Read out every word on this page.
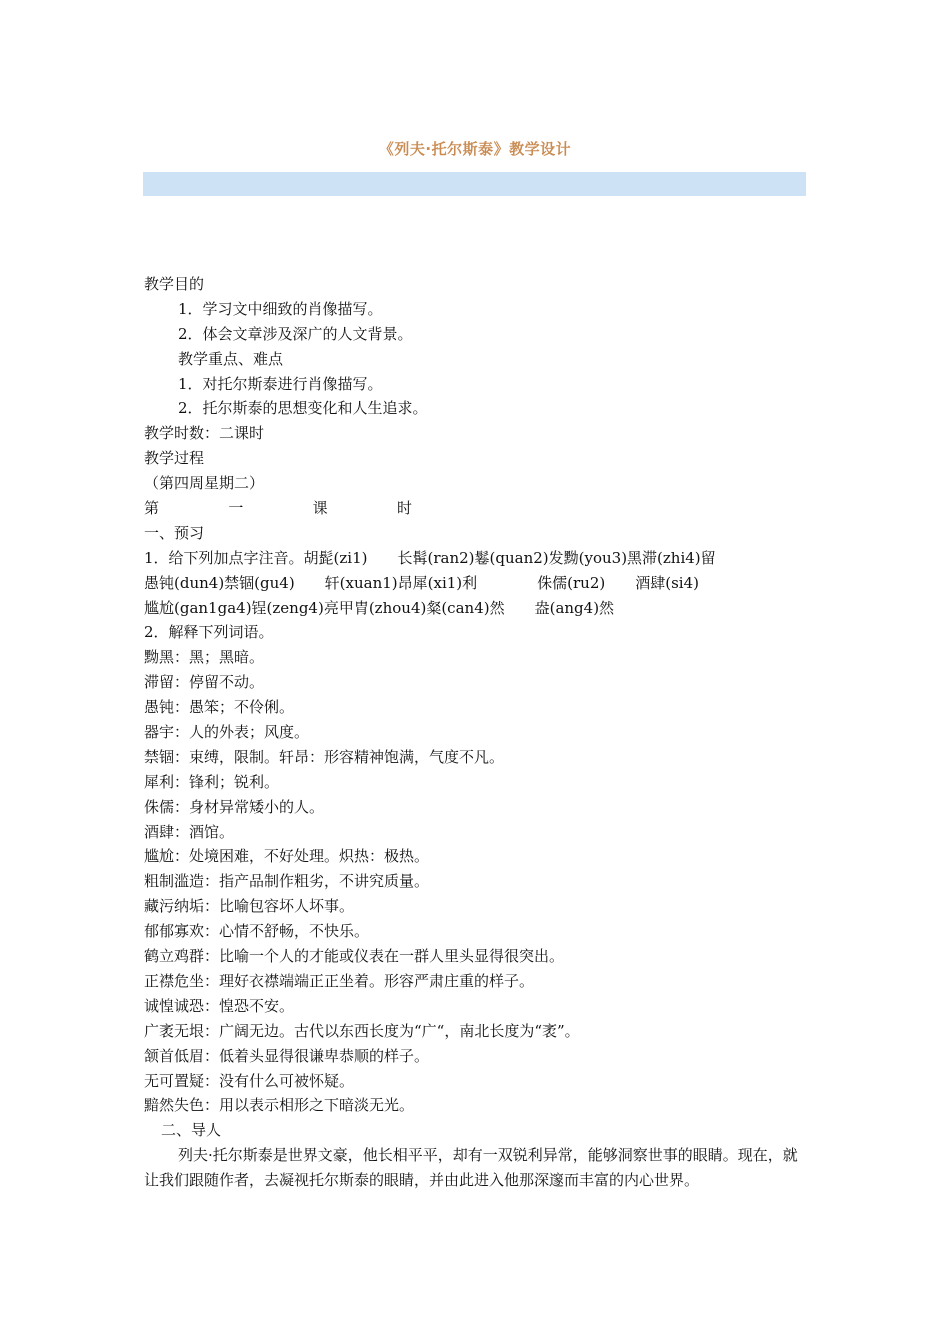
《列夫·托尔斯泰》教学设计
教学目的
1．学习文中细致的肖像描写。
2．体会文章涉及深广的人文背景。
教学重点、难点
1．对托尔斯泰进行肖像描写。
2．托尔斯泰的思想变化和人生追求。
教学时数：二课时
教学过程
（第四周星期二）
第	一	课	时
一、预习
1．给下列加点字注音。胡髭(zi1)　　长髯(ran2)鬈(quan2)发黝(you3)黑滞(zhi4)留
愚钝(dun4)禁锢(gu4)　　轩(xuan1)昂犀(xi1)利　　　　侏儒(ru2)　　酒肆(si4)
尴尬(gan1ga4)锃(zeng4)亮甲胄(zhou4)粲(can4)然　　盎(ang4)然
2．解释下列词语。
黝黑：黑；黑暗。
滞留：停留不动。
愚钝：愚笨；不伶俐。
器宇：人的外表；风度。
禁锢：束缚，限制。轩昂：形容精神饱满，气度不凡。
犀利：锋利；锐利。
侏儒：身材异常矮小的人。
酒肆：酒馆。
尴尬：处境困难，不好处理。炽热：极热。
粗制滥造：指产品制作粗劣，不讲究质量。
藏污纳垢：比喻包容坏人坏事。
郁郁寡欢：心情不舒畅，不快乐。
鹤立鸡群：比喻一个人的才能或仪表在一群人里头显得很突出。
正襟危坐：理好衣襟端端正正坐着。形容严肃庄重的样子。
诚惶诚恐：惶恐不安。
广袤无垠：广阔无边。古代以东西长度为“广“，南北长度为“袤”。
颔首低眉：低着头显得很谦卑恭顺的样子。
无可置疑：没有什么可被怀疑。
黯然失色：用以表示相形之下暗淡无光。
二、导人

列夫·托尔斯泰是世界文豪，他长相平平，却有一双锐利异常，能够洞察世事的眼睛。现在，就让我们跟随作者，去凝视托尔斯泰的眼睛，并由此进入他那深邃而丰富的内心世界。
